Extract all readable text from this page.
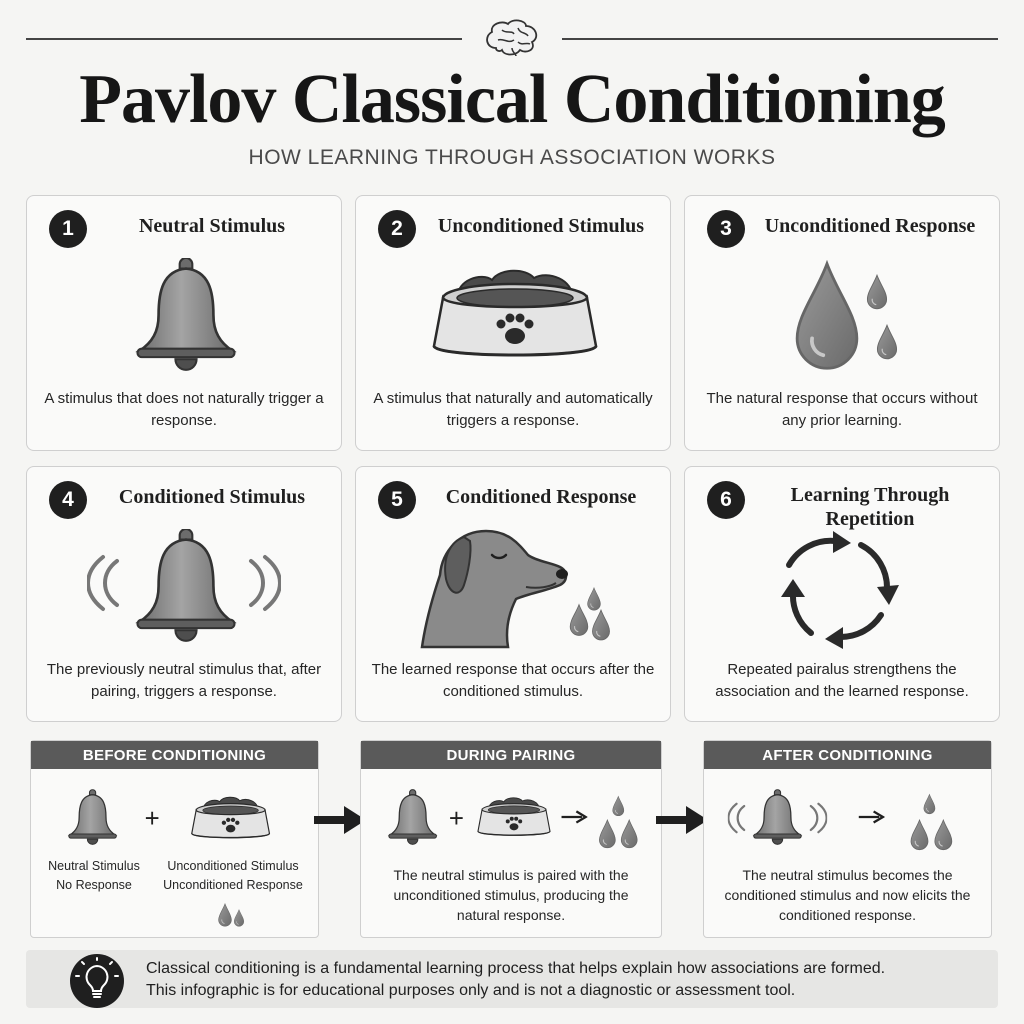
Pavlov Classical Conditioning
HOW LEARNING THROUGH ASSOCIATION WORKS
1	Neutral Stimulus
A stimulus that does not naturally trigger a response.
2	Unconditioned Stimulus
A stimulus that naturally and automatically triggers a response.
3	Unconditioned Response
The natural response that occurs without any prior learning.
4	Conditioned Stimulus
The previously neutral stimulus that, after pairing, triggers a response.
5	Conditioned Response
The learned response that occurs after the conditioned stimulus.
6	Learning Through Repetition
Repeated pairalus strengthens the association and the learned response.
BEFORE CONDITIONING
+
Neutral Stimulus
No Response
Unconditioned Stimulus
Unconditioned Response
DURING PAIRING
+
The neutral stimulus is paired with the unconditioned stimulus, producing the natural response.
AFTER CONDITIONING
The neutral stimulus becomes the conditioned stimulus and now elicits the conditioned response.
Classical conditioning is a fundamental learning process that helps explain how associations are formed.
This infographic is for educational purposes only and is not a diagnostic or assessment tool.
